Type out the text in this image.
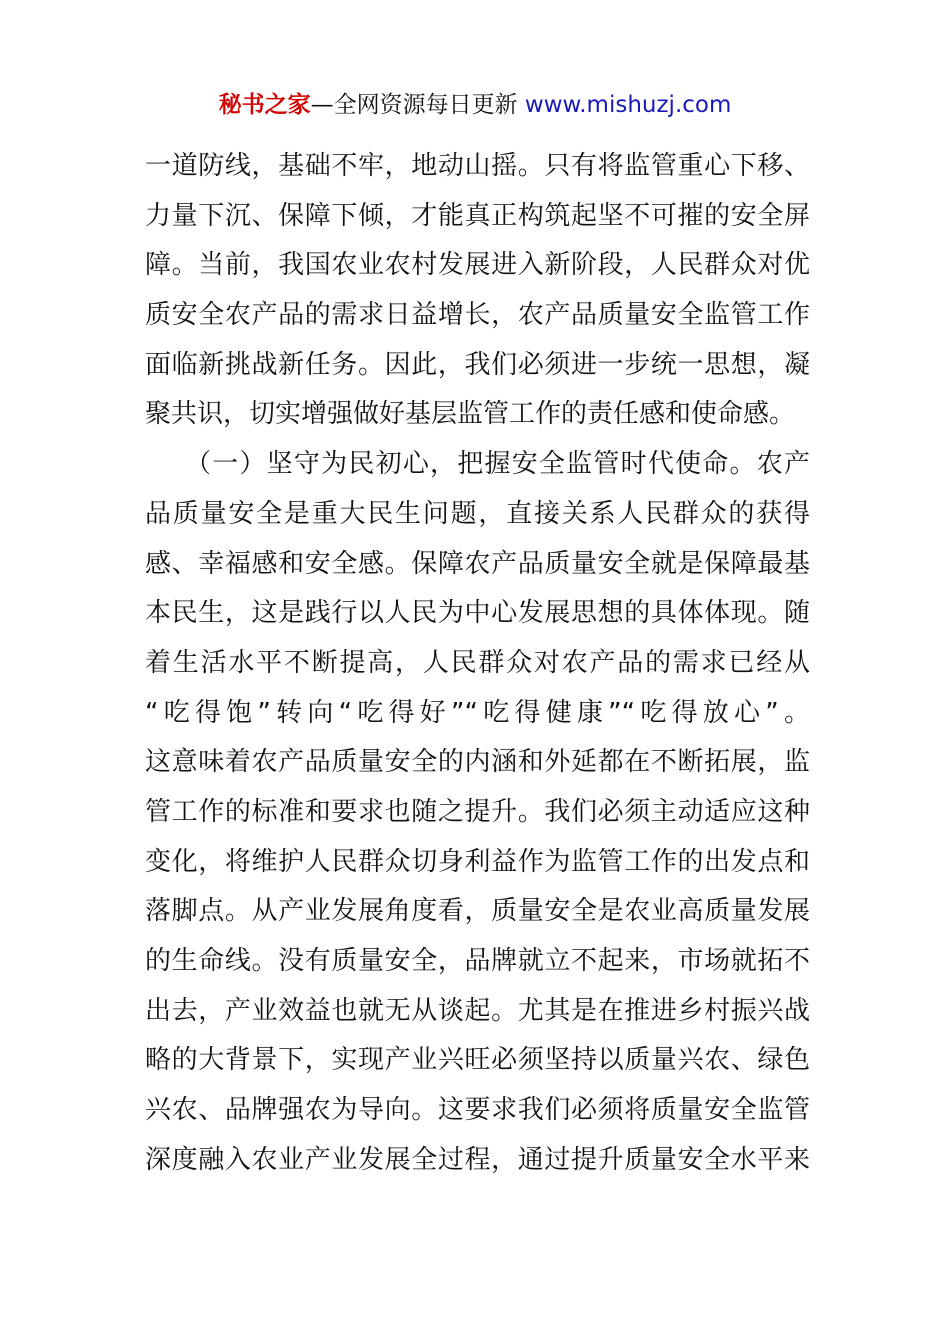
秘书之家—全网资源每日更新 www.mishuzj.com
一道防线，基础不牢，地动山摇。只有将监管重心下移、
力量下沉、保障下倾，才能真正构筑起坚不可摧的安全屏
障。当前，我国农业农村发展进入新阶段，人民群众对优
质安全农产品的需求日益增长，农产品质量安全监管工作
面临新挑战新任务。因此，我们必须进一步统一思想，凝
聚共识，切实增强做好基层监管工作的责任感和使命感。
（一）坚守为民初心，把握安全监管时代使命。农产
品质量安全是重大民生问题，直接关系人民群众的获得
感、幸福感和安全感。保障农产品质量安全就是保障最基
本民生，这是践行以人民为中心发展思想的具体体现。随
着生活水平不断提高，人民群众对农产品的需求已经从
“吃得饱”转向“吃得好”“吃得健康”“吃得放心”。
这意味着农产品质量安全的内涵和外延都在不断拓展，监
管工作的标准和要求也随之提升。我们必须主动适应这种
变化，将维护人民群众切身利益作为监管工作的出发点和
落脚点。从产业发展角度看，质量安全是农业高质量发展
的生命线。没有质量安全，品牌就立不起来，市场就拓不
出去，产业效益也就无从谈起。尤其是在推进乡村振兴战
略的大背景下，实现产业兴旺必须坚持以质量兴农、绿色
兴农、品牌强农为导向。这要求我们必须将质量安全监管
深度融入农业产业发展全过程，通过提升质量安全水平来
